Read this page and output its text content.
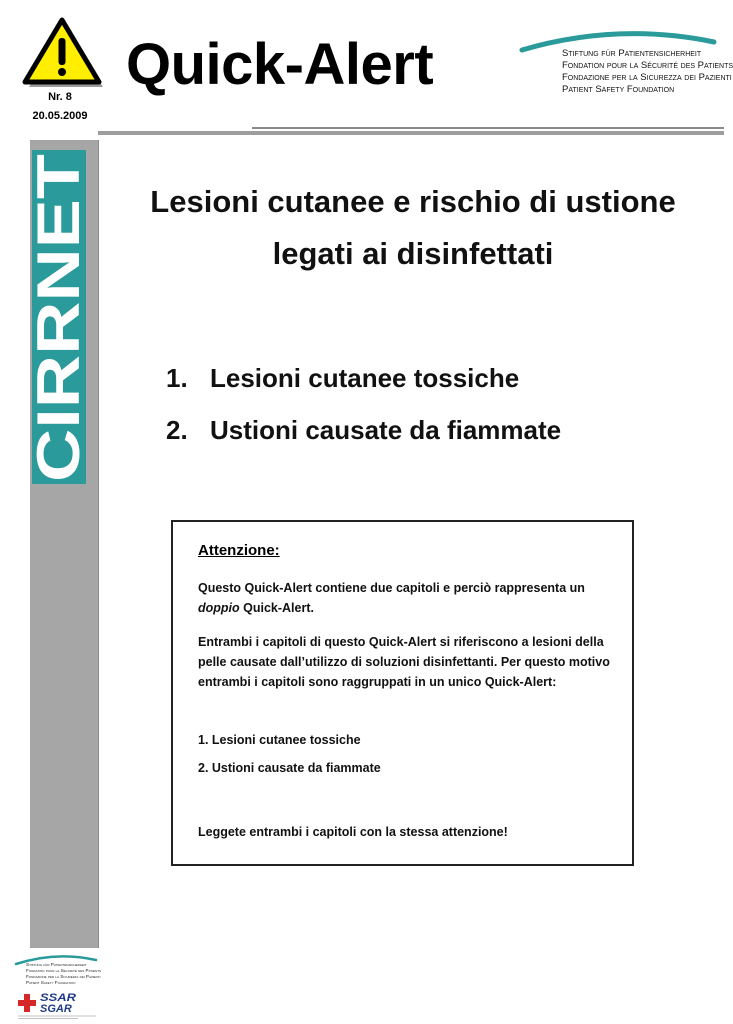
Nr. 8
20.05.2009
Quick-Alert	Stiftung für Patientensicherheit
Fondation pour la Sécurité des Patients
Fondazione per la Sicurezza dei Pazienti
Patient Safety Foundation
CIRRNET
Lesioni cutanee e rischio di ustione
legati ai disinfettati
1. Lesioni cutanee tossiche
2. Ustioni causate da fiammate
Attenzione:
Questo Quick-Alert contiene due capitoli e perciò rappresenta un doppio Quick-Alert.
Entrambi i capitoli di questo Quick-Alert si riferiscono a lesioni della pelle causate dall’utilizzo di soluzioni disinfettanti. Per questo motivo entrambi i capitoli sono raggruppati in un unico Quick-Alert:
1. Lesioni cutanee tossiche
2. Ustioni causate da fiammate
Leggete entrambi i capitoli con la stessa attenzione!
Stiftung für Patientensicherheit
Fondation pour la Sécurité des Patients
Fondazione per la Sicurezza dei Pazienti
Patient Safety Foundation
SSAR
SGAR
